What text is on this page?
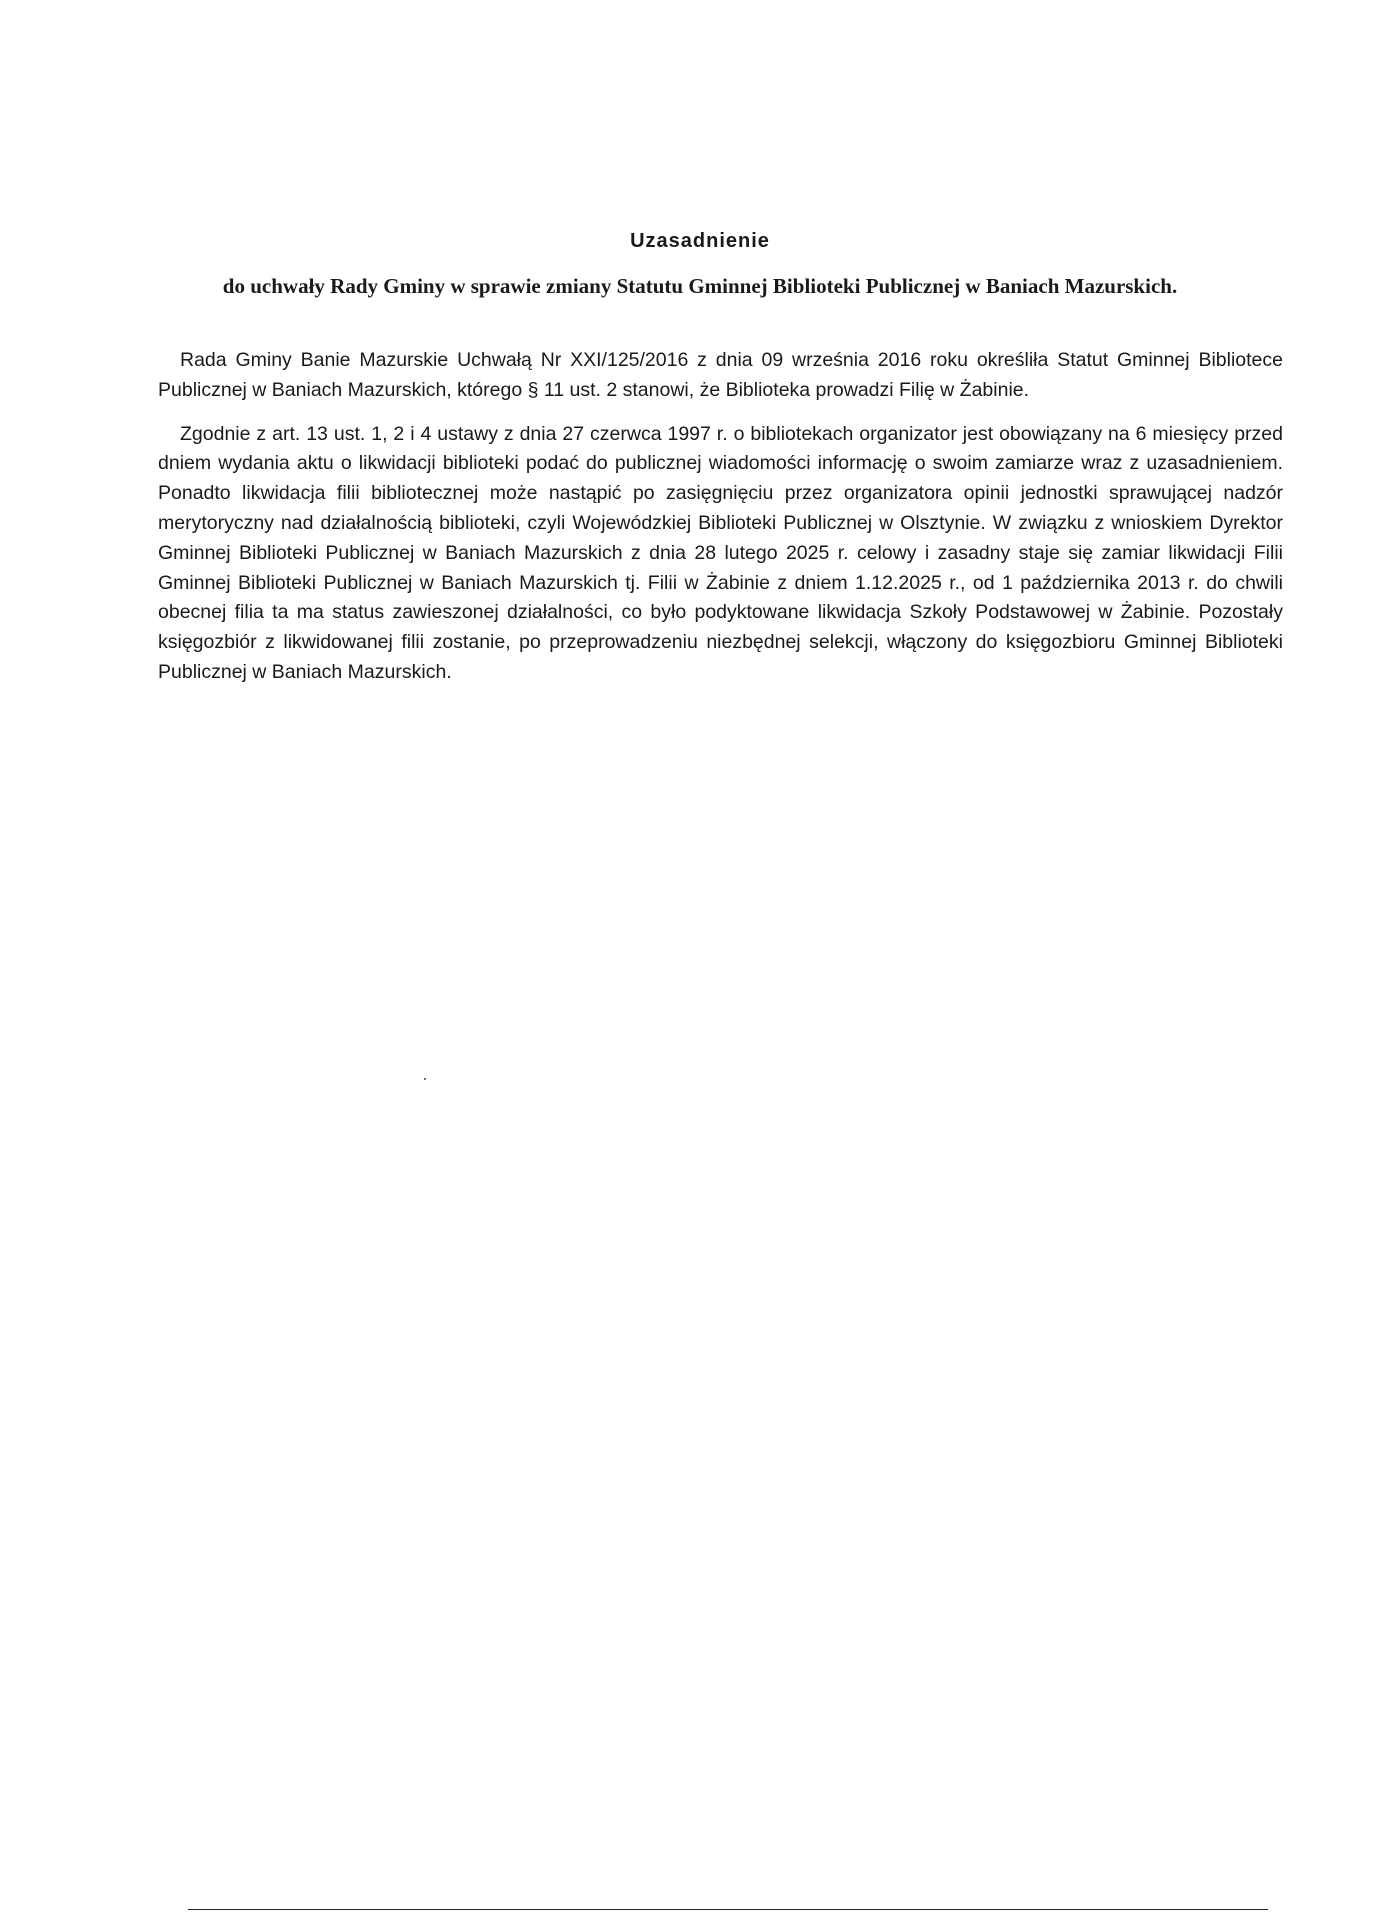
Uzasadnienie

do uchwały Rady Gminy w sprawie zmiany Statutu Gminnej Biblioteki Publicznej w Baniach Mazurskich.

Rada Gminy Banie Mazurskie Uchwałą Nr XXI/125/2016 z dnia 09 września 2016 roku określiła Statut Gminnej Bibliotece Publicznej w Baniach Mazurskich, którego § 11 ust. 2 stanowi, że Biblioteka prowadzi Filię w Żabinie.

Zgodnie z art. 13 ust. 1, 2 i 4 ustawy z dnia 27 czerwca 1997 r. o bibliotekach organizator jest obowiązany na 6 miesięcy przed dniem wydania aktu o likwidacji biblioteki podać do publicznej wiadomości informację o swoim zamiarze wraz z uzasadnieniem. Ponadto likwidacja filii bibliotecznej może nastąpić po zasięgnięciu przez organizatora opinii jednostki sprawującej nadzór merytoryczny nad działalnością biblioteki, czyli Wojewódzkiej Biblioteki Publicznej w Olsztynie. W związku z wnioskiem Dyrektor Gminnej Biblioteki Publicznej w Baniach Mazurskich z dnia 28 lutego 2025 r. celowy i zasadny staje się zamiar likwidacji Filii Gminnej Biblioteki Publicznej w Baniach Mazurskich tj. Filii w Żabinie z dniem 1.12.2025 r., od 1 października 2013 r. do chwili obecnej filia ta ma status zawieszonej działalności, co było podyktowane likwidacja Szkoły Podstawowej w Żabinie. Pozostały księgozbiór z likwidowanej filii zostanie, po przeprowadzeniu niezbędnej selekcji, włączony do księgozbioru Gminnej Biblioteki Publicznej w Baniach Mazurskich.
